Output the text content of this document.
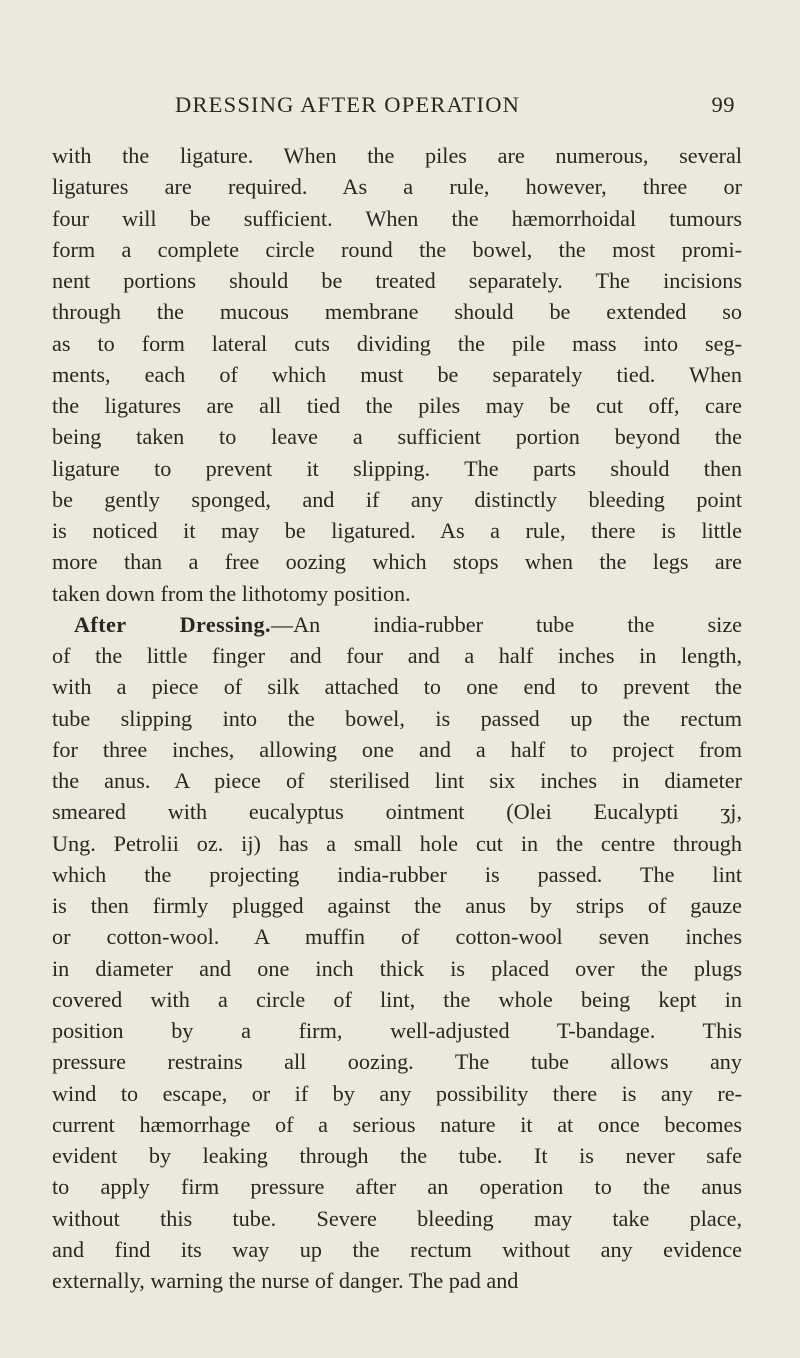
DRESSING AFTER OPERATION	99
with the ligature. When the piles are numerous, several
ligatures are required. As a rule, however, three or
four will be sufficient. When the hæmorrhoidal tumours
form a complete circle round the bowel, the most promi-
nent portions should be treated separately. The incisions
through the mucous membrane should be extended so
as to form lateral cuts dividing the pile mass into seg-
ments, each of which must be separately tied. When
the ligatures are all tied the piles may be cut off, care
being taken to leave a sufficient portion beyond the
ligature to prevent it slipping. The parts should then
be gently sponged, and if any distinctly bleeding point
is noticed it may be ligatured. As a rule, there is little
more than a free oozing which stops when the legs are
taken down from the lithotomy position.
After Dressing.—An india-rubber tube the size
of the little finger and four and a half inches in length,
with a piece of silk attached to one end to prevent the
tube slipping into the bowel, is passed up the rectum
for three inches, allowing one and a half to project from
the anus. A piece of sterilised lint six inches in diameter
smeared with eucalyptus ointment (Olei Eucalypti ʒj,
Ung. Petrolii oz. ij) has a small hole cut in the centre through
which the projecting india-rubber is passed. The lint
is then firmly plugged against the anus by strips of gauze
or cotton-wool. A muffin of cotton-wool seven inches
in diameter and one inch thick is placed over the plugs
covered with a circle of lint, the whole being kept in
position by a firm, well-adjusted T-bandage. This
pressure restrains all oozing. The tube allows any
wind to escape, or if by any possibility there is any re-
current hæmorrhage of a serious nature it at once becomes
evident by leaking through the tube. It is never safe
to apply firm pressure after an operation to the anus
without this tube. Severe bleeding may take place,
and find its way up the rectum without any evidence
externally, warning the nurse of danger. The pad and
